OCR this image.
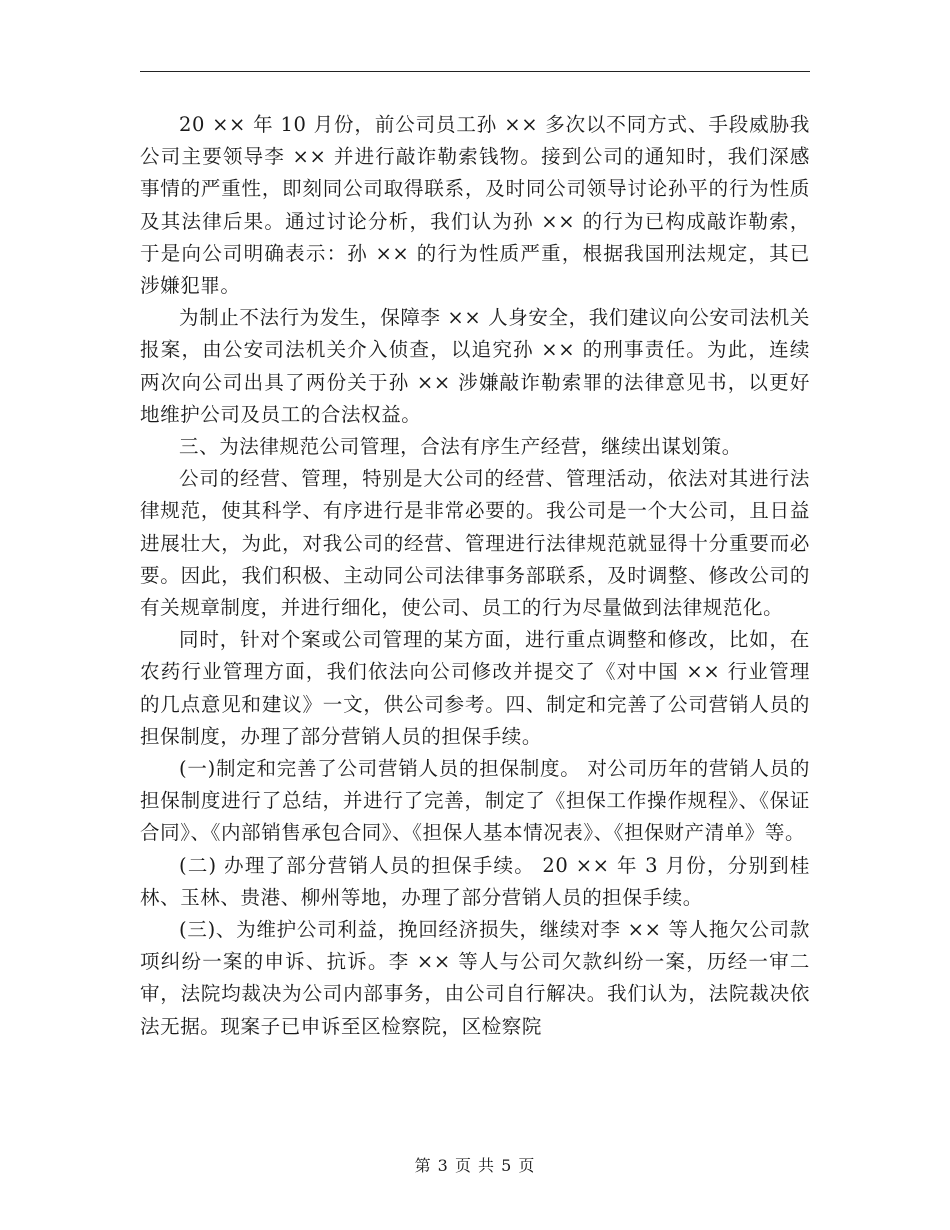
20 ×× 年 10 月份，前公司员工孙 ×× 多次以不同方式、手段威胁我公司主要领导李 ×× 并进行敲诈勒索钱物。接到公司的通知时，我们深感事情的严重性，即刻同公司取得联系，及时同公司领导讨论孙平的行为性质及其法律后果。通过讨论分析，我们认为孙 ×× 的行为已构成敲诈勒索，于是向公司明确表示：孙 ×× 的行为性质严重，根据我国刑法规定，其已涉嫌犯罪。

为制止不法行为发生，保障李 ×× 人身安全，我们建议向公安司法机关报案，由公安司法机关介入侦查，以追究孙 ×× 的刑事责任。为此，连续两次向公司出具了两份关于孙 ×× 涉嫌敲诈勒索罪的法律意见书，以更好地维护公司及员工的合法权益。

三、为法律规范公司管理，合法有序生产经营，继续出谋划策。

公司的经营、管理，特别是大公司的经营、管理活动，依法对其进行法律规范，使其科学、有序进行是非常必要的。我公司是一个大公司，且日益进展壮大，为此，对我公司的经营、管理进行法律规范就显得十分重要而必要。因此，我们积极、主动同公司法律事务部联系，及时调整、修改公司的有关规章制度，并进行细化，使公司、员工的行为尽量做到法律规范化。

同时，针对个案或公司管理的某方面，进行重点调整和修改，比如，在农药行业管理方面，我们依法向公司修改并提交了《对中国 ×× 行业管理的几点意见和建议》一文，供公司参考。四、制定和完善了公司营销人员的担保制度，办理了部分营销人员的担保手续。

(一)制定和完善了公司营销人员的担保制度。 对公司历年的营销人员的担保制度进行了总结，并进行了完善，制定了《担保工作操作规程》、《保证合同》、《内部销售承包合同》、《担保人基本情况表》、《担保财产清单》等。

(二) 办理了部分营销人员的担保手续。 20 ×× 年 3 月份，分别到桂林、玉林、贵港、柳州等地，办理了部分营销人员的担保手续。

(三)、为维护公司利益，挽回经济损失，继续对李 ×× 等人拖欠公司款项纠纷一案的申诉、抗诉。李 ×× 等人与公司欠款纠纷一案，历经一审二审，法院均裁决为公司内部事务，由公司自行解决。我们认为，法院裁决依法无据。现案子已申诉至区检察院，区检察院

第 3 页 共 5 页
